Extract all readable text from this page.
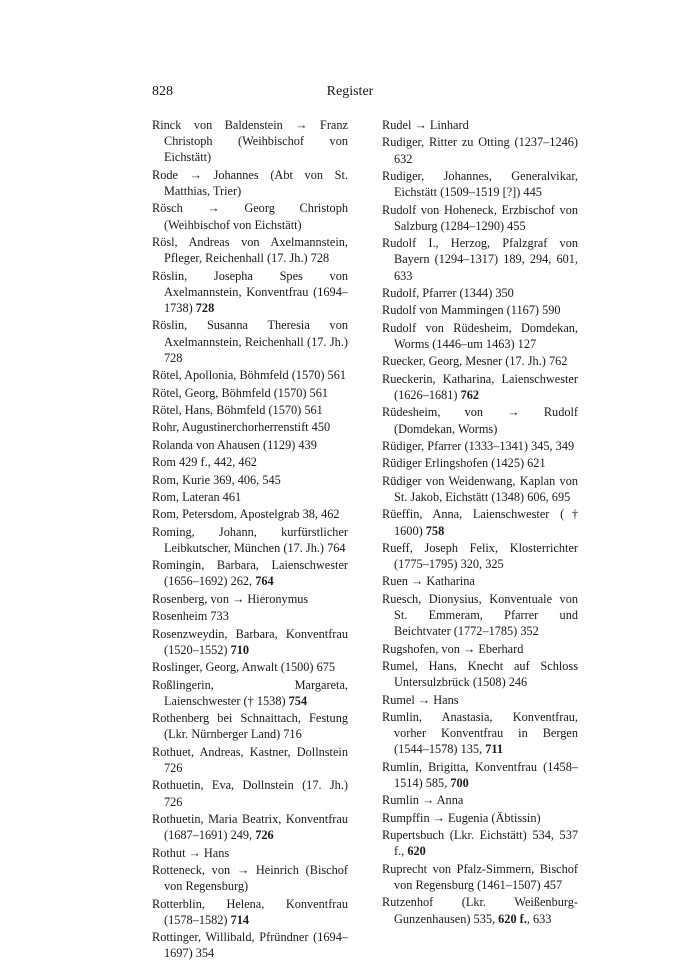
828	Register

Rinck von Baldenstein → Franz Christoph (Weihbischof von Eichstätt)

Rode → Johannes (Abt von St. Matthias, Trier)

Rösch → Georg Christoph (Weihbischof von Eichstätt)

Rösl, Andreas von Axelmannstein, Pfleger, Reichenhall (17. Jh.) 728

Röslin, Josepha Spes von Axelmannstein, Konventfrau (1694–1738) 728

Röslin, Susanna Theresia von Axelmannstein, Reichenhall (17. Jh.) 728

Rötel, Apollonia, Böhmfeld (1570) 561

Rötel, Georg, Böhmfeld (1570) 561

Rötel, Hans, Böhmfeld (1570) 561

Rohr, Augustinerchorherrenstift 450

Rolanda von Ahausen (1129) 439

Rom 429 f., 442, 462

Rom, Kurie 369, 406, 545

Rom, Lateran 461

Rom, Petersdom, Apostelgrab 38, 462

Roming, Johann, kurfürstlicher Leibkutscher, München (17. Jh.) 764

Romingin, Barbara, Laienschwester (1656–1692) 262, 764

Rosenberg, von → Hieronymus

Rosenheim 733

Rosenzweydin, Barbara, Konventfrau (1520–1552) 710

Roslinger, Georg, Anwalt (1500) 675

Roßlingerin, Margareta, Laienschwester († 1538) 754

Rothenberg bei Schnaittach, Festung (Lkr. Nürnberger Land) 716

Rothuet, Andreas, Kastner, Dollnstein 726

Rothuetin, Eva, Dollnstein (17. Jh.) 726

Rothuetin, Maria Beatrix, Konventfrau (1687–1691) 249, 726

Rothut → Hans

Rotteneck, von → Heinrich (Bischof von Regensburg)

Rotterblin, Helena, Konventfrau (1578–1582) 714

Rottinger, Willibald, Pfründner (1694–1697) 354

Rudel → Linhard

Rudiger, Ritter zu Otting (1237–1246) 632

Rudiger, Johannes, Generalvikar, Eichstätt (1509–1519 [?]) 445

Rudolf von Hoheneck, Erzbischof von Salzburg (1284–1290) 455

Rudolf I., Herzog, Pfalzgraf von Bayern (1294–1317) 189, 294, 601, 633

Rudolf, Pfarrer (1344) 350

Rudolf von Mammingen (1167) 590

Rudolf von Rüdesheim, Domdekan, Worms (1446–um 1463) 127

Ruecker, Georg, Mesner (17. Jh.) 762

Rueckerin, Katharina, Laienschwester (1626–1681) 762

Rüdesheim, von → Rudolf (Domdekan, Worms)

Rüdiger, Pfarrer (1333–1341) 345, 349

Rüdiger Erlingshofen (1425) 621

Rüdiger von Weidenwang, Kaplan von St. Jakob, Eichstätt (1348) 606, 695

Rüeffin, Anna, Laienschwester († 1600) 758

Rueff, Joseph Felix, Klosterrichter (1775–1795) 320, 325

Ruen → Katharina

Ruesch, Dionysius, Konventuale von St. Emmeram, Pfarrer und Beichtvater (1772–1785) 352

Rugshofen, von → Eberhard

Rumel, Hans, Knecht auf Schloss Untersulzbrück (1508) 246

Rumel → Hans

Rumlin, Anastasia, Konventfrau, vorher Konventfrau in Bergen (1544–1578) 135, 711

Rumlin, Brigitta, Konventfrau (1458–1514) 585, 700

Rumlin → Anna

Rumpffin → Eugenia (Äbtissin)

Rupertsbuch (Lkr. Eichstätt) 534, 537 f., 620

Ruprecht von Pfalz-Simmern, Bischof von Regensburg (1461–1507) 457

Rutzenhof (Lkr. Weißenburg-Gunzenhausen) 535, 620 f., 633
